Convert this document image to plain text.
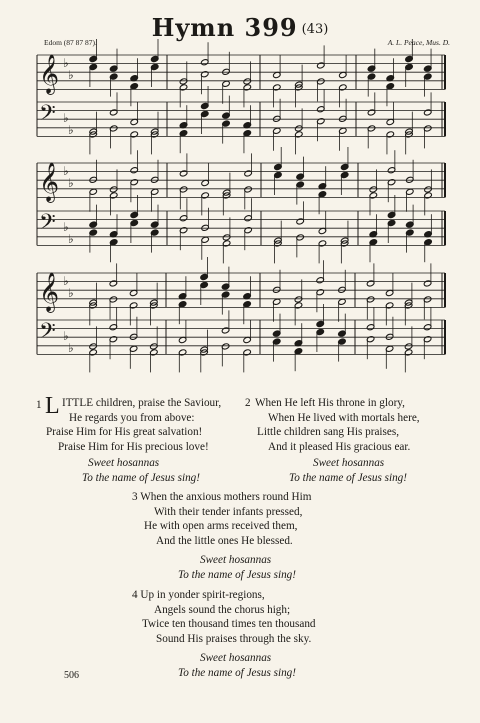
Hymn 399 (43)
Edom (87 87 87).	A. L. Peace, Mus. D.
𝄞 ♭
♭
𝄢 ♭
♭
𝄞 ♭
♭
𝄢 ♭
♭
𝄞 ♭
♭
𝄢 ♭
♭
L
1 ITTLE children, praise the Saviour,
He regards you from above:
Praise Him for His great salvation!
Praise Him for His precious love!
Sweet hosannas
To the name of Jesus sing!
When He left His throne in glory,
When He lived with mortals here,
Little children sang His praises,
And it pleased His gracious ear.
Sweet hosannas
To the name of Jesus sing!
2
3 When the anxious mothers round Him
With their tender infants pressed,
He with open arms received them,
And the little ones He blessed.
Sweet hosannas
To the name of Jesus sing!
4 Up in yonder spirit-regions,
Angels sound the chorus high;
Twice ten thousand times ten thousand
Sound His praises through the sky.
Sweet hosannas
To the name of Jesus sing!
506
